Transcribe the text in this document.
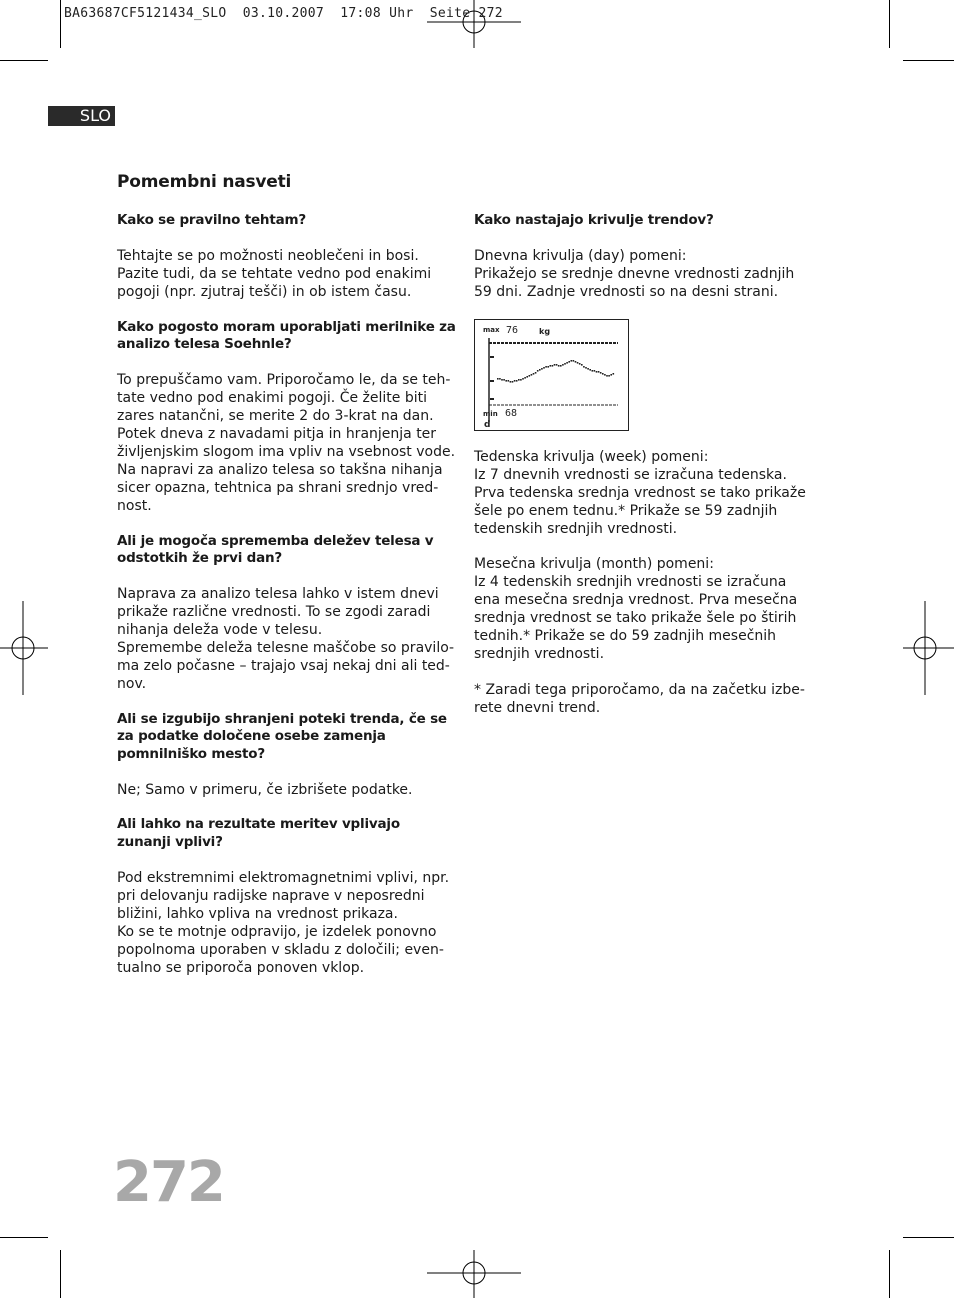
BA63687CF5121434_SLO  03.10.2007  17:08 Uhr  Seite 272
SLO
Pomembni nasveti
Kako se pravilno tehtam?
Tehtajte se po možnosti neoblečeni in bosi.
Pazite tudi, da se tehtate vedno pod enakimi
pogoji (npr. zjutraj tešči) in ob istem času.
Kako pogosto moram uporabljati merilnike za analizo telesa Soehnle?
To prepuščamo vam. Priporočamo le, da se teh-
tate vedno pod enakimi pogoji. Če želite biti
zares natančni, se merite 2 do 3-krat na dan.
Potek dneva z navadami pitja in hranjenja ter
življenjskim slogom ima vpliv na vsebnost vode.
Na napravi za analizo telesa so takšna nihanja
sicer opazna, tehtnica pa shrani srednjo vred-
nost.
Ali je mogoča sprememba deležev telesa v odstotkih že prvi dan?
Naprava za analizo telesa lahko v istem dnevi
prikaže različne vrednosti. To se zgodi zaradi
nihanja deleža vode v telesu.
Spremembe deleža telesne maščobe so pravilo-
ma zelo počasne – trajajo vsaj nekaj dni ali ted-
nov.
Ali se izgubijo shranjeni poteki trenda, če se za podatke določene osebe zamenja pomnilniško mesto?
Ne; Samo v primeru, če izbrišete podatke.
Ali lahko na rezultate meritev vplivajo zunanji vplivi?
Pod ekstremnimi elektromagnetnimi vplivi, npr.
pri delovanju radijske naprave v neposredni
bližini, lahko vpliva na vrednost prikaza.
Ko se te motnje odpravijo, je izdelek ponovno
popolnoma uporaben v skladu z določili; even-
tualno se priporoča ponoven vklop.
Kako nastajajo krivulje trendov?
Dnevna krivulja (day) pomeni:
Prikažejo se srednje dnevne vrednosti zadnjih
59 dni. Zadnje vrednosti so na desni strani.
max 76	kg
min 68
d
Tedenska krivulja (week) pomeni:
Iz 7 dnevnih vrednosti se izračuna tedenska.
Prva tedenska srednja vrednost se tako prikaže
šele po enem tednu.* Prikaže se 59 zadnjih
tedenskih srednjih vrednosti.
Mesečna krivulja (month) pomeni:
Iz 4 tedenskih srednjih vrednosti se izračuna
ena mesečna srednja vrednost. Prva mesečna
srednja vrednost se tako prikaže šele po štirih
tednih.* Prikaže se do 59 zadnjih mesečnih
srednjih vrednosti.
* Zaradi tega priporočamo, da na začetku izbe-
rete dnevni trend.
272
